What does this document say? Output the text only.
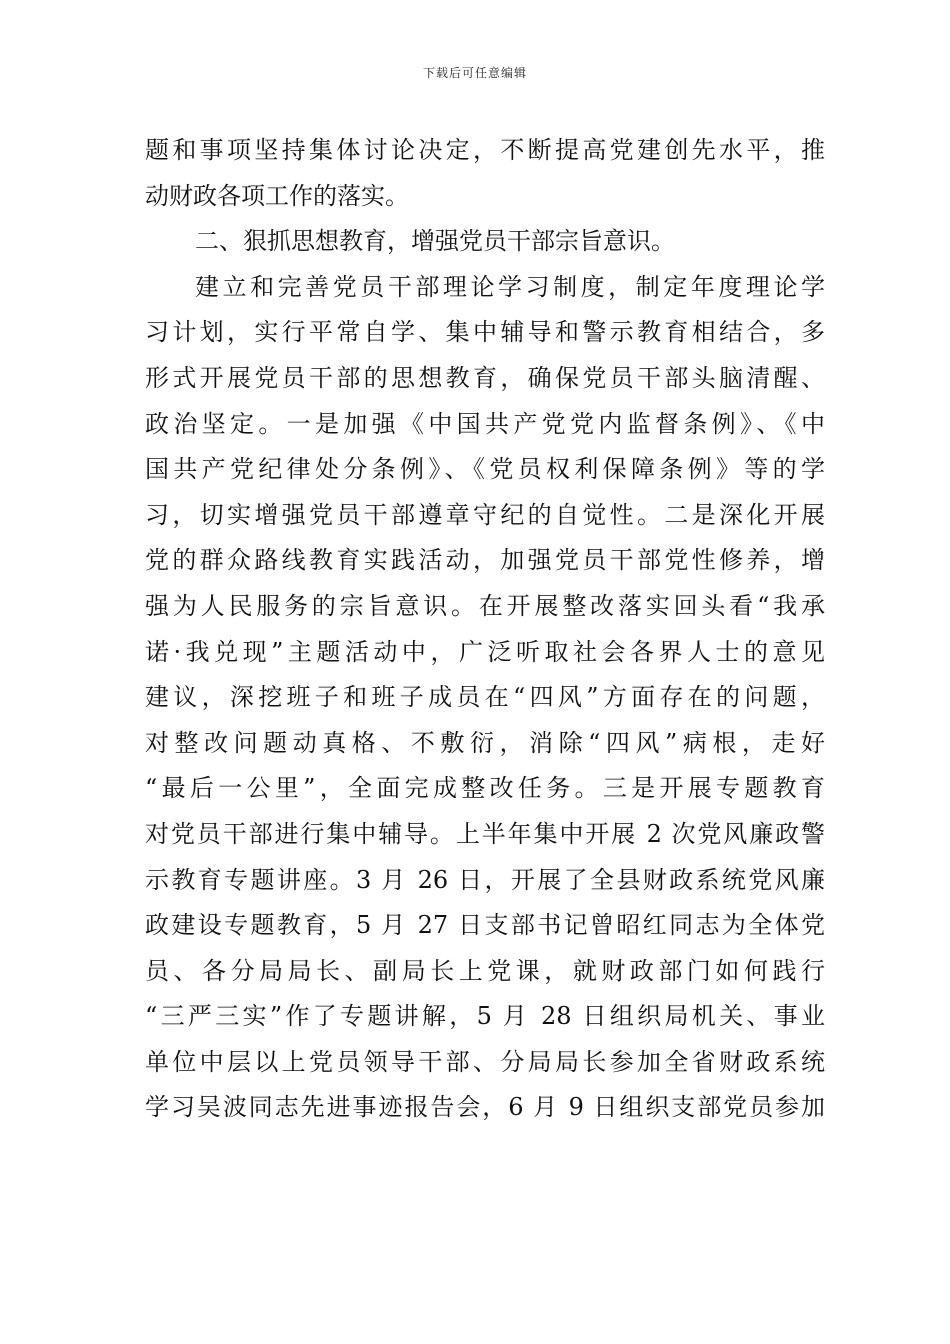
下载后可任意编辑
题和事项坚持集体讨论决定，不断提高党建创先水平，推
动财政各项工作的落实。
二、狠抓思想教育，增强党员干部宗旨意识。
建立和完善党员干部理论学习制度，制定年度理论学
习计划，实行平常自学、集中辅导和警示教育相结合，多
形式开展党员干部的思想教育，确保党员干部头脑清醒、
政治坚定。一是加强《中国共产党党内监督条例》、《中
国共产党纪律处分条例》、《党员权利保障条例》等的学
习，切实增强党员干部遵章守纪的自觉性。二是深化开展
党的群众路线教育实践活动，加强党员干部党性修养，增
强为人民服务的宗旨意识。在开展整改落实回头看“我承
诺·我兑现”主题活动中，广泛听取社会各界人士的意见
建议，深挖班子和班子成员在“四风”方面存在的问题，
对整改问题动真格、不敷衍，消除“四风”病根，走好
“最后一公里”，全面完成整改任务。三是开展专题教育
对党员干部进行集中辅导。上半年集中开展 2 次党风廉政警
示教育专题讲座。3 月 26 日，开展了全县财政系统党风廉
政建设专题教育，5 月 27 日支部书记曾昭红同志为全体党
员、各分局局长、副局长上党课，就财政部门如何践行
“三严三实”作了专题讲解，5 月 28 日组织局机关、事业
单位中层以上党员领导干部、分局局长参加全省财政系统
学习吴波同志先进事迹报告会，6 月 9 日组织支部党员参加
